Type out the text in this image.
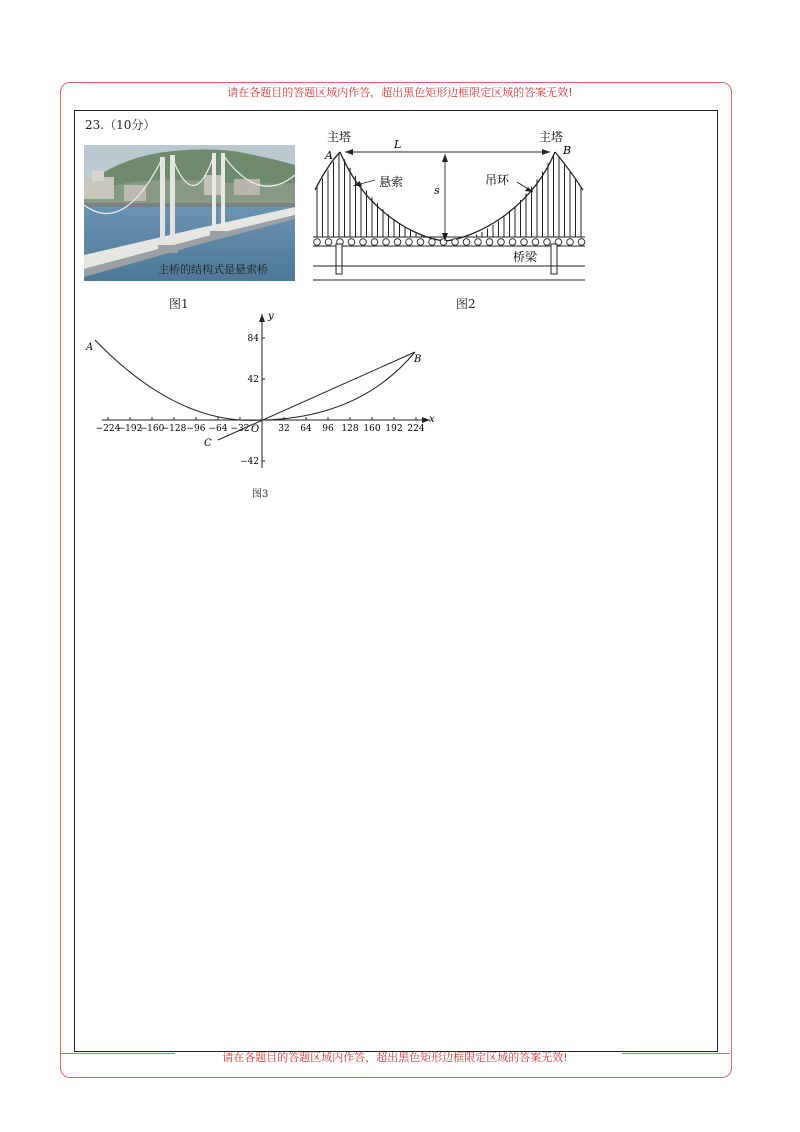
请在各题目的答题区域内作答，超出黑色矩形边框限定区域的答案无效!
请在各题目的答题区域内作答，超出黑色矩形边框限定区域的答案无效!
23.（10分）
主桥的结构式是悬索桥
图1
主塔	主塔
A	B
L
s
悬索	吊环
桥梁
图2
−224
−192
−160
−128 −96 −64 −32	32 64 96 128 160 192 224
84
42
−42
x
y
O
A
B
C
图3
